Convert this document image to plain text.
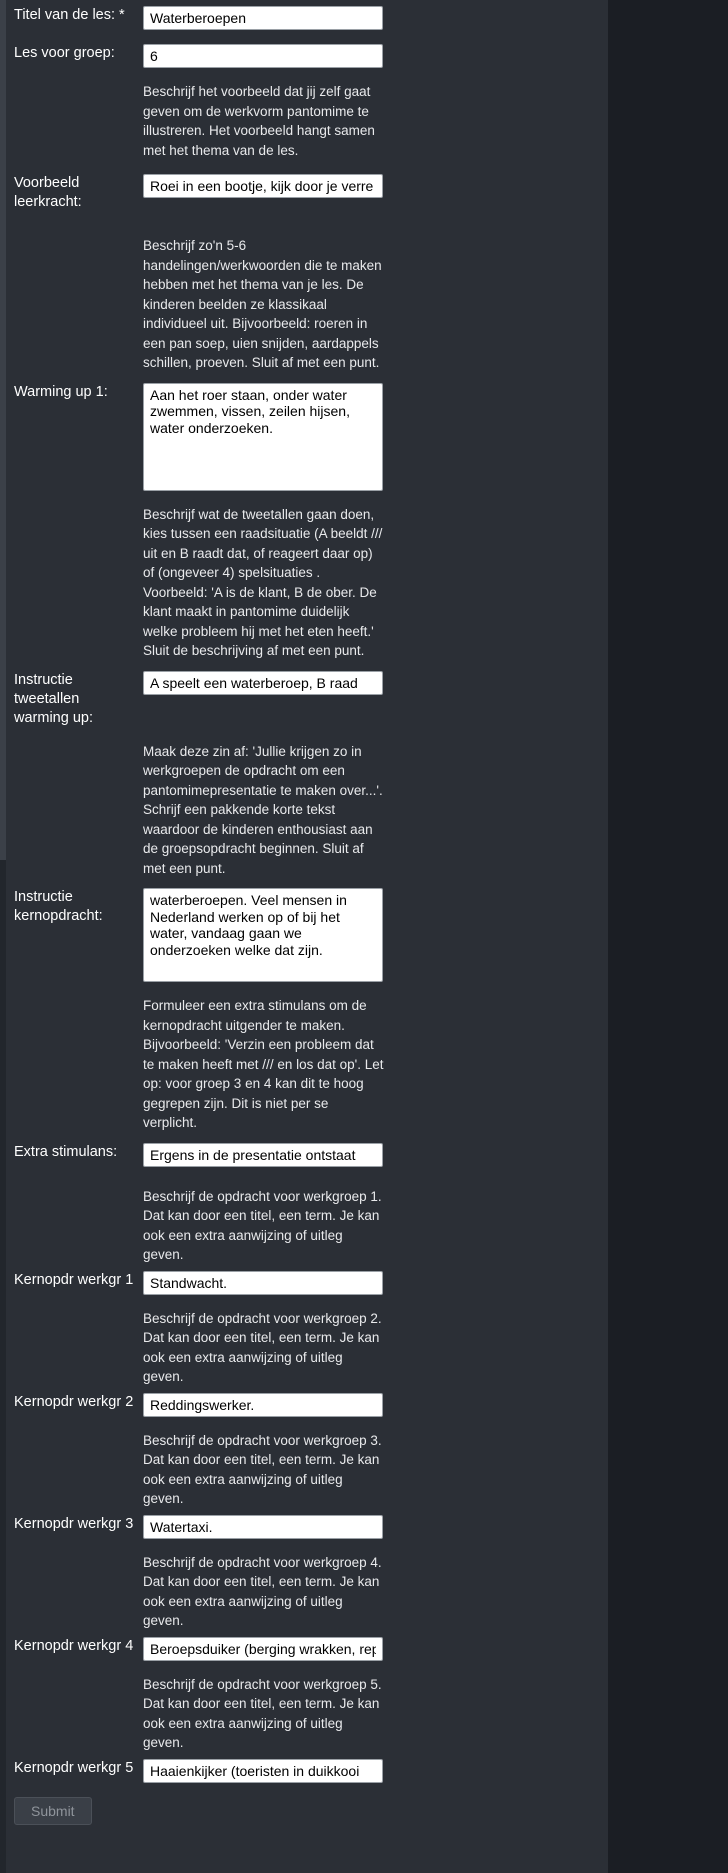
Titel van de les: *
Waterberoepen
Les voor groep:
6

Beschrijf het voorbeeld dat jij zelf gaat geven om de werkvorm pantomime te illustreren. Het voorbeeld hangt samen met het thema van de les.

Voorbeeld leerkracht:
Roei in een bootje, kijk door je verre

Beschrijf zo'n 5-6 handelingen/werkwoorden die te maken hebben met het thema van je les. De kinderen beelden ze klassikaal individueel uit. Bijvoorbeeld: roeren in een pan soep, uien snijden, aardappels schillen, proeven. Sluit af met een punt.

Warming up 1:
Aan het roer staan, onder water zwemmen, vissen, zeilen hijsen, water onderzoeken.

Beschrijf wat de tweetallen gaan doen, kies tussen een raadsituatie (A beeldt /// uit en B raadt dat, of reageert daar op) of (ongeveer 4) spelsituaties . Voorbeeld: 'A is de klant, B de ober. De klant maakt in pantomime duidelijk welke probleem hij met het eten heeft.' Sluit de beschrijving af met een punt.

Instructie tweetallen warming up:
A speelt een waterberoep, B raad

Maak deze zin af: 'Jullie krijgen zo in werkgroepen de opdracht om een pantomimepresentatie te maken over...'. Schrijf een pakkende korte tekst waardoor de kinderen enthousiast aan de groepsopdracht beginnen. Sluit af met een punt.

Instructie kernopdracht:
waterberoepen. Veel mensen in Nederland werken op of bij het water, vandaag gaan we onderzoeken welke dat zijn.

Formuleer een extra stimulans om de kernopdracht uitgender te maken. Bijvoorbeeld: 'Verzin een probleem dat te maken heeft met /// en los dat op'. Let op: voor groep 3 en 4 kan dit te hoog gegrepen zijn. Dit is niet per se verplicht.

Extra stimulans:
Ergens in de presentatie ontstaat

Beschrijf de opdracht voor werkgroep 1. Dat kan door een titel, een term. Je kan ook een extra aanwijzing of uitleg geven.

Kernopdr werkgr 1
Standwacht.

Beschrijf de opdracht voor werkgroep 2. Dat kan door een titel, een term. Je kan ook een extra aanwijzing of uitleg geven.

Kernopdr werkgr 2
Reddingswerker.

Beschrijf de opdracht voor werkgroep 3. Dat kan door een titel, een term. Je kan ook een extra aanwijzing of uitleg geven.

Kernopdr werkgr 3
Watertaxi.

Beschrijf de opdracht voor werkgroep 4. Dat kan door een titel, een term. Je kan ook een extra aanwijzing of uitleg geven.

Kernopdr werkgr 4
Beroepsduiker (berging wrakken, rep

Beschrijf de opdracht voor werkgroep 5. Dat kan door een titel, een term. Je kan ook een extra aanwijzing of uitleg geven.

Kernopdr werkgr 5
Haaienkijker (toeristen in duikkooi
Submit
